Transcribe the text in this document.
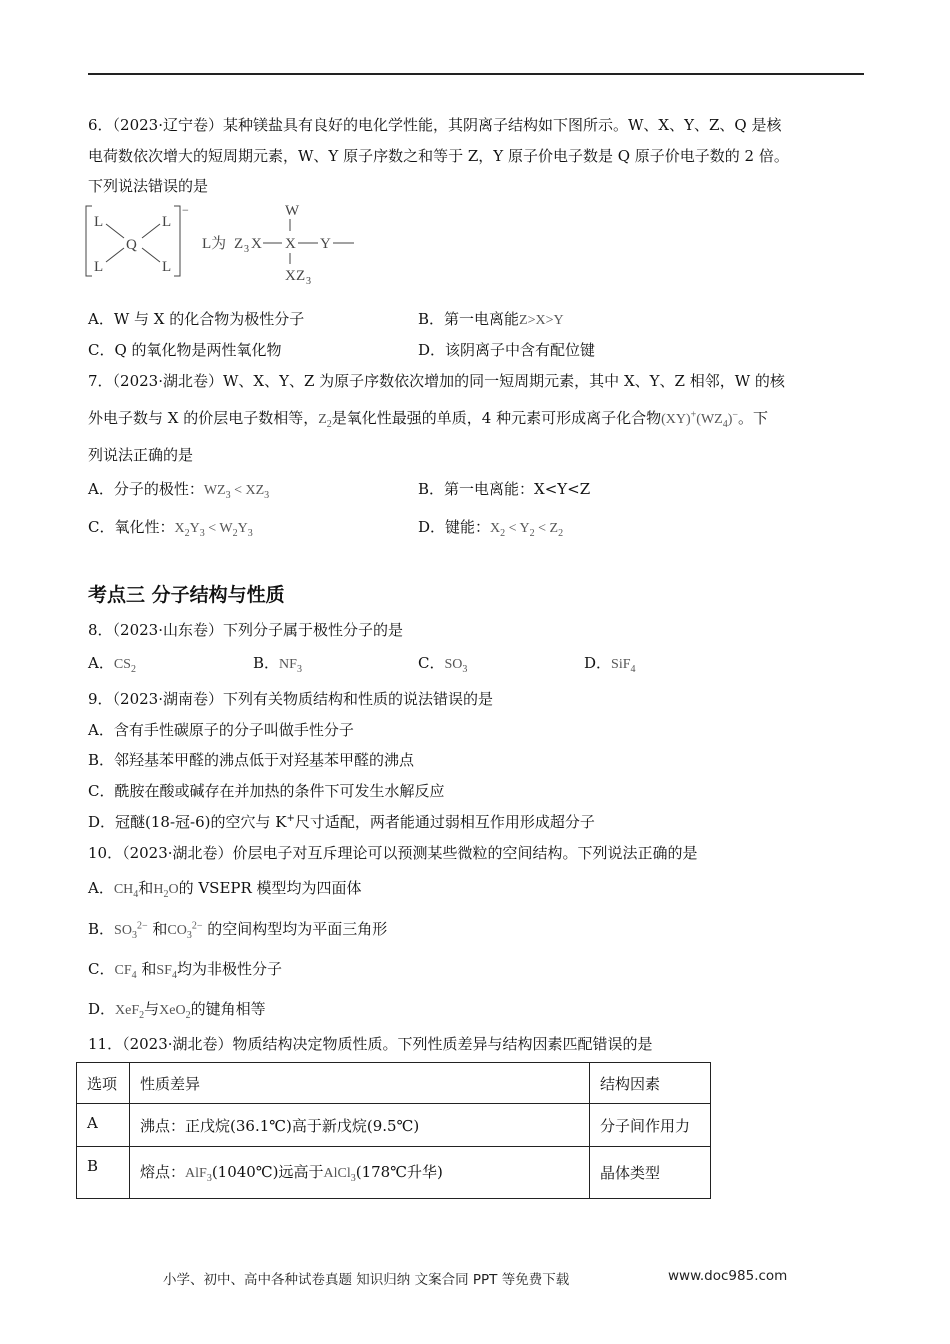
6．（2023·辽宁卷）某种镁盐具有良好的电化学性能，其阴离子结构如下图所示。W、X、Y、Z、Q 是核
电荷数依次增大的短周期元素，W、Y 原子序数之和等于 Z，Y 原子价电子数是 Q 原子价电子数的 2 倍。
下列说法错误的是
−
L	L
L	L
Q	L为 Z 3 X X Y
W
X Z 3
A．W 与 X 的化合物为极性分子	B．第一电离能Z>X>Y
C．Q 的氧化物是两性氧化物	D．该阴离子中含有配位键
7．（2023·湖北卷）W、X、Y、Z 为原子序数依次增加的同一短周期元素，其中 X、Y、Z 相邻，W 的核
外电子数与 X 的价层电子数相等，$Z_2$是氧化性最强的单质，4 种元素可形成离子化合物$(XY)^+(WZ_4)^-$。下
列说法正确的是
A．分子的极性：$WZ_3 < XZ_3$	B．第一电离能：X<Y<Z
C．氧化性：$X_2Y_3 < W_2Y_3$	D．键能：$X_2 < Y_2 < Z_2$
考点三 分子结构与性质
8．（2023·山东卷）下列分子属于极性分子的是
A．$CS_2$	B．$NF_3$	C．$SO_3$	D．SiF$_4$
9．（2023·湖南卷）下列有关物质结构和性质的说法错误的是
A．含有手性碳原子的分子叫做手性分子
B．邻羟基苯甲醛的沸点低于对羟基苯甲醛的沸点
C．酰胺在酸或碱存在并加热的条件下可发生水解反应
D．冠醚(18-冠-6)的空穴与 K+尺寸适配，两者能通过弱相互作用形成超分子
10．（2023·湖北卷）价层电子对互斥理论可以预测某些微粒的空间结构。下列说法正确的是
A．$CH_4$和$H_2O$的 VSEPR 模型均为四面体
B．$SO_3^{2-}$ 和$CO_3^{2-}$ 的空间构型均为平面三角形
C．$CF_4$ 和$SF_4$均为非极性分子
D．XeF$_2$与XeO$_2$的键角相等
11．（2023·湖北卷）物质结构决定物质性质。下列性质差异与结构因素匹配错误的是
选项	性质差异	结构因素
A	沸点：正戊烷(36.1℃)高于新戊烷(9.5℃)	分子间作用力
B	熔点：AlF$_3$(1040℃)远高于AlCl$_3$(178℃升华)	晶体类型
小学、初中、高中各种试卷真题 知识归纳 文案合同 PPT 等免费下载	www.doc985.com
